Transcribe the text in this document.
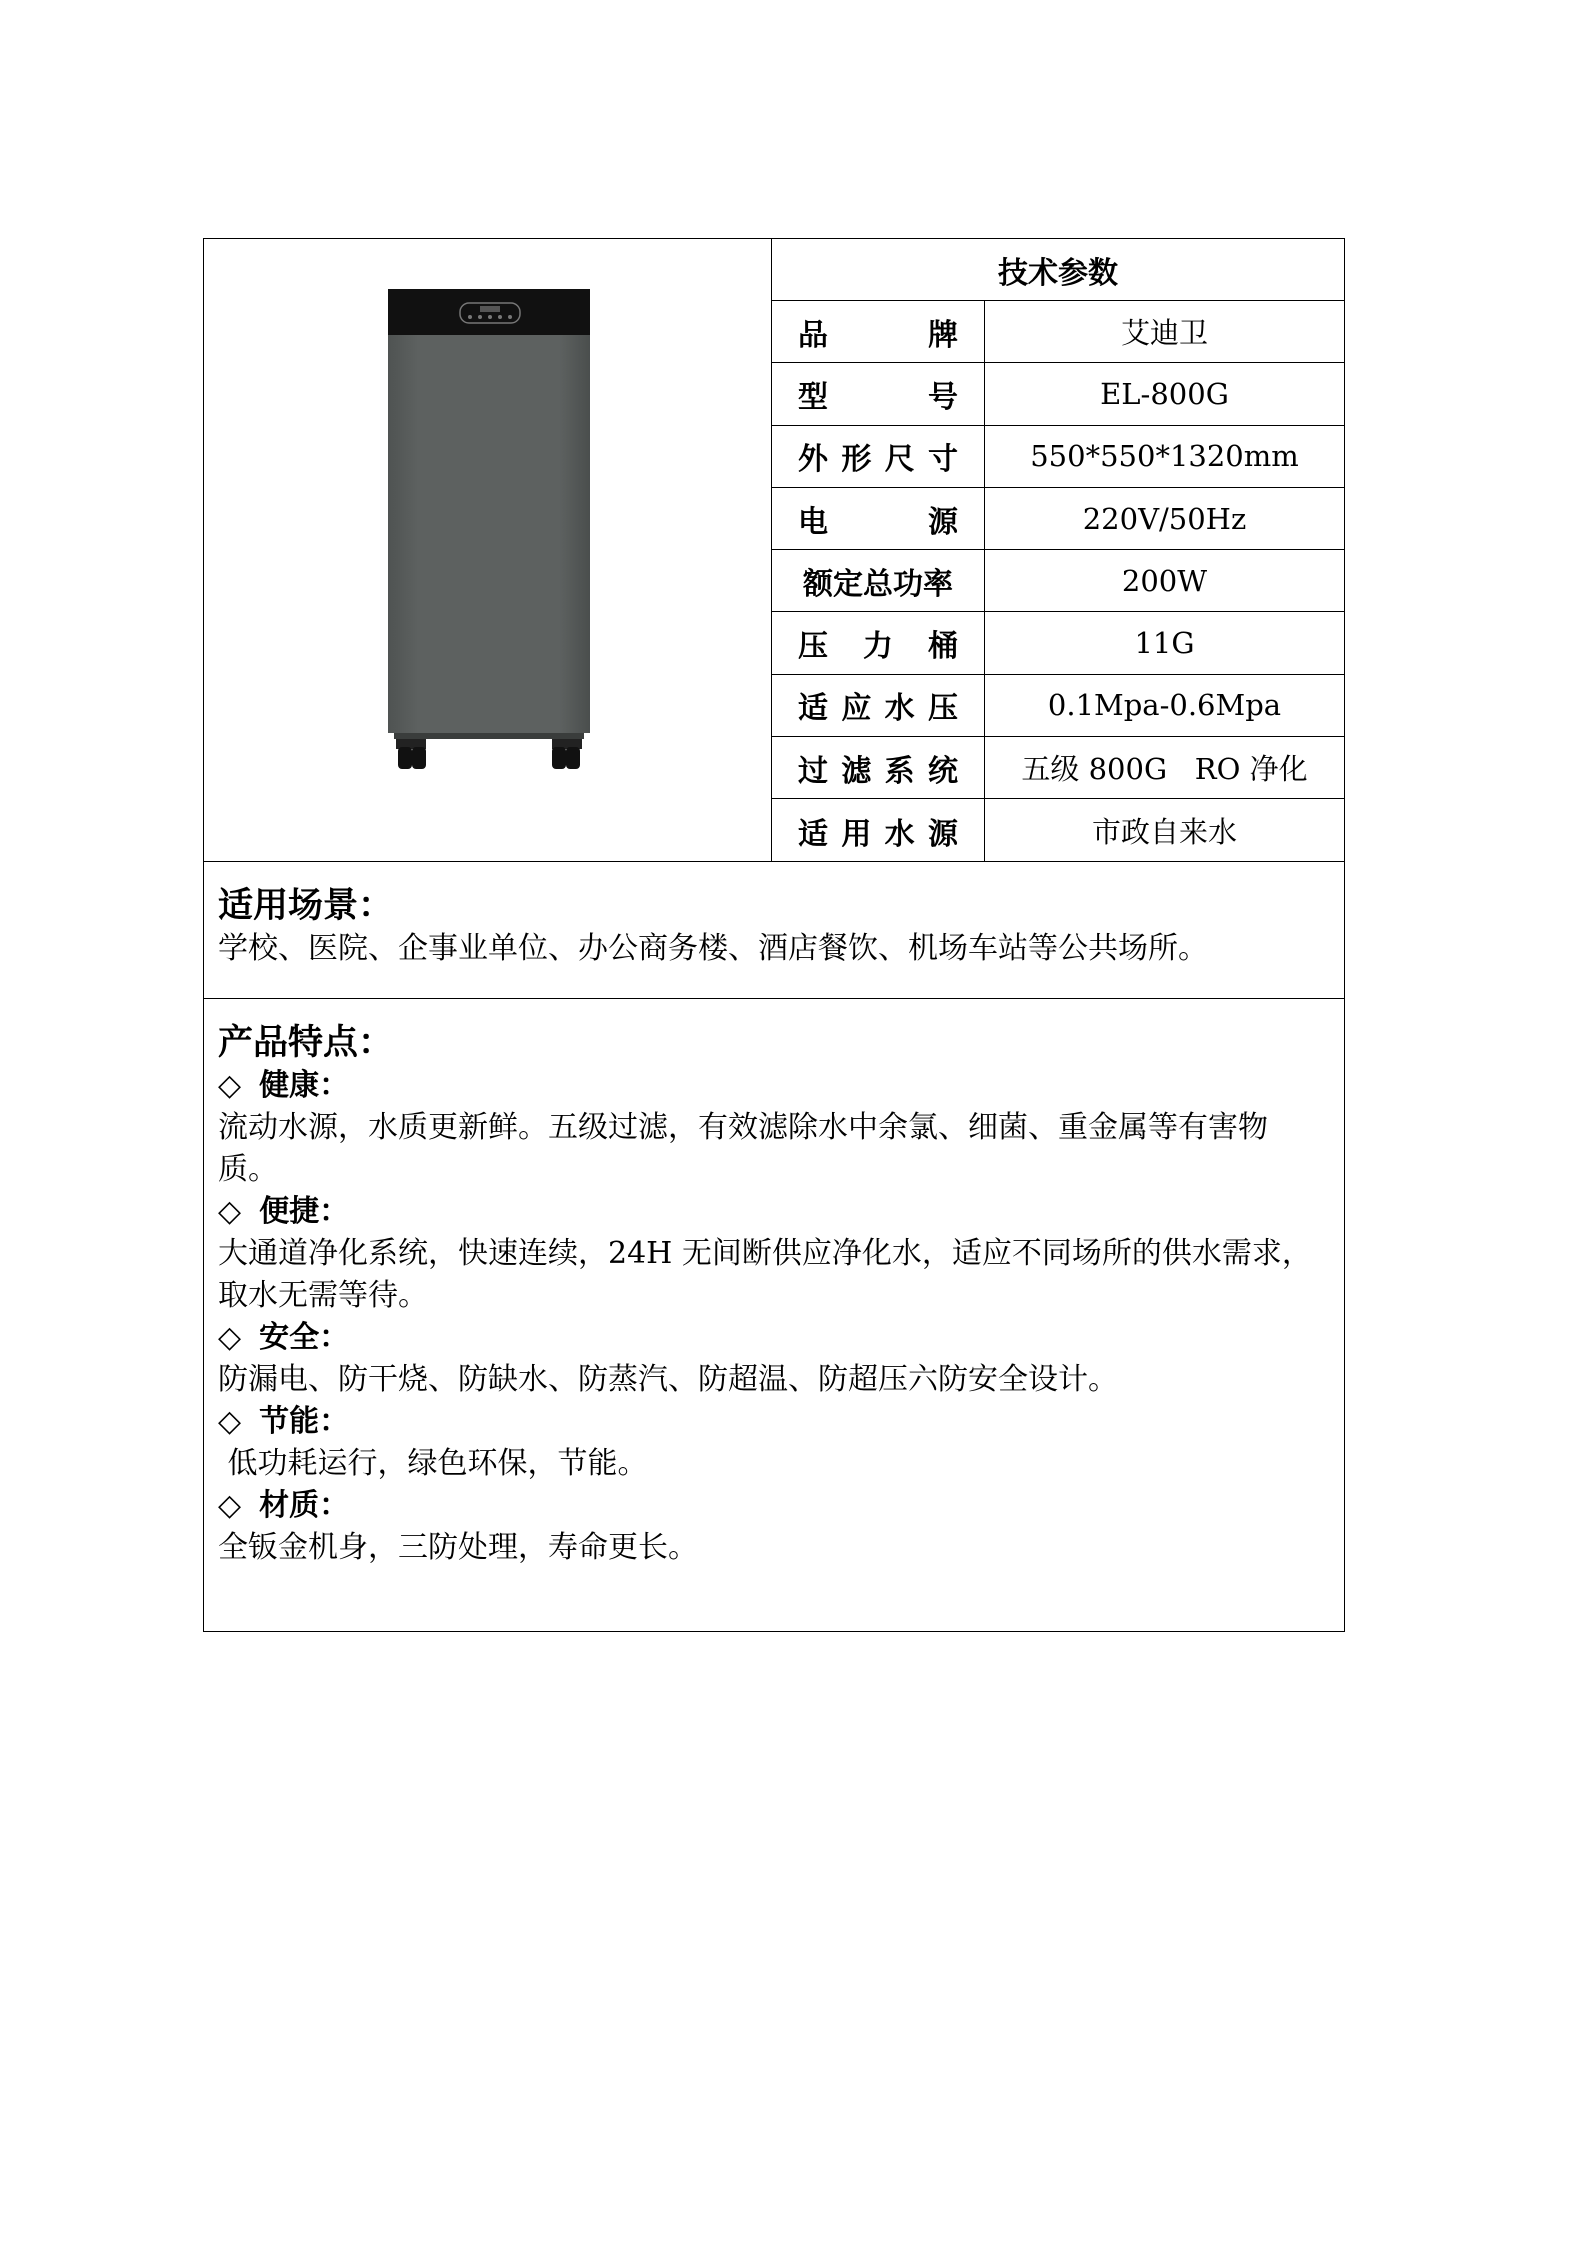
技术参数
品	牌	艾迪卫
型	号	EL-800G
外 形 尺 寸	550*550*1320mm
电	源	220V/50Hz
额定总功率	200W
压 力 桶	11G
适 应 水 压	0.1Mpa-0.6Mpa
过 滤 系 统	五级 800G   RO 净化
适 用 水 源	市政自来水
适用场景：
学校、医院、企事业单位、办公商务楼、酒店餐饮、机场车站等公共场所。
产品特点：
◇ 健康：
流动水源，水质更新鲜。五级过滤，有效滤除水中余氯、细菌、重金属等有害物
质。
◇ 便捷：
大通道净化系统，快速连续，24H 无间断供应净化水，适应不同场所的供水需求，
取水无需等待。
◇ 安全：
防漏电、防干烧、防缺水、防蒸汽、防超温、防超压六防安全设计。
◇ 节能：
低功耗运行，绿色环保，节能。
◇ 材质：
全钣金机身，三防处理，寿命更长。
